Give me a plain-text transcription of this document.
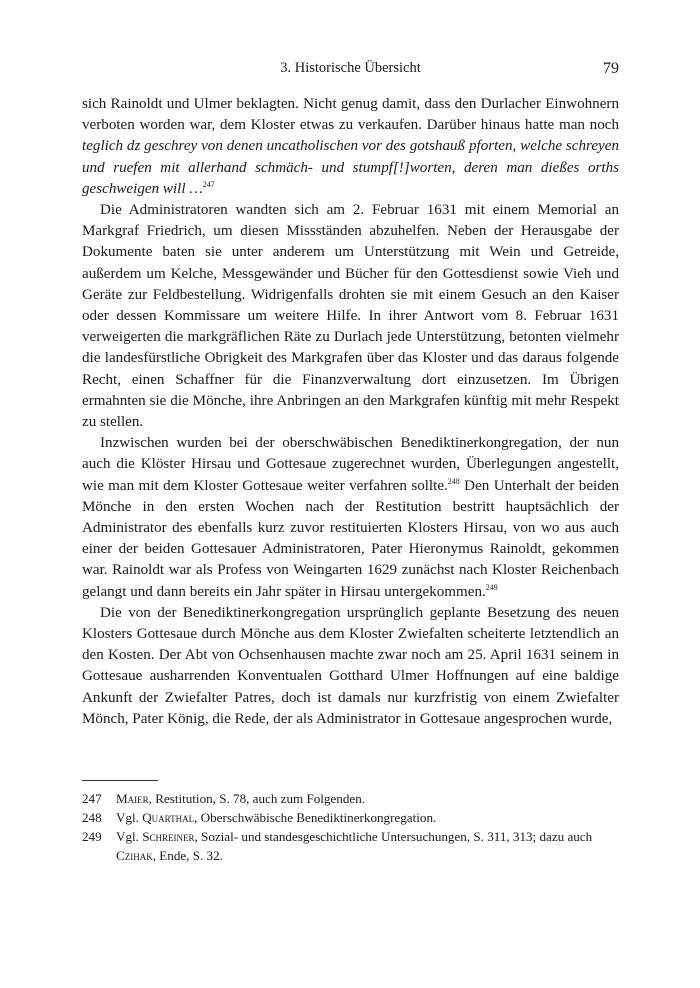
3. Historische Übersicht	79

sich Rainoldt und Ulmer beklagten. Nicht genug damit, dass den Durlacher Einwohnern verboten worden war, dem Kloster etwas zu verkaufen. Darüber hinaus hatte man noch teglich dz geschrey von denen uncatholischen vor des gotshauß pforten, welche schreyen und ruefen mit allerhand schmäch- und stumpf[!]worten, deren man dießes orths geschweigen will …$^{247}$

Die Administratoren wandten sich am 2. Februar 1631 mit einem Memorial an Markgraf Friedrich, um diesen Missständen abzuhelfen. Neben der Herausgabe der Dokumente baten sie unter anderem um Unterstützung mit Wein und Getreide, außerdem um Kelche, Messgewänder und Bücher für den Gottesdienst sowie Vieh und Geräte zur Feldbestellung. Widrigenfalls drohten sie mit einem Gesuch an den Kaiser oder dessen Kommissare um weitere Hilfe. In ihrer Antwort vom 8. Februar 1631 verweigerten die markgräflichen Räte zu Durlach jede Unterstützung, betonten vielmehr die landesfürstliche Obrigkeit des Markgrafen über das Kloster und das daraus folgende Recht, einen Schaffner für die Finanzverwaltung dort einzusetzen. Im Übrigen ermahnten sie die Mönche, ihre Anbringen an den Markgrafen künftig mit mehr Respekt zu stellen.

Inzwischen wurden bei der oberschwäbischen Benediktinerkongregation, der nun auch die Klöster Hirsau und Gottesaue zugerechnet wurden, Überlegungen angestellt, wie man mit dem Kloster Gottesaue weiter verfahren sollte.$^{248}$ Den Unterhalt der beiden Mönche in den ersten Wochen nach der Restitution bestritt hauptsächlich der Administrator des ebenfalls kurz zuvor restituierten Klosters Hirsau, von wo aus auch einer der beiden Gottesauer Administratoren, Pater Hieronymus Rainoldt, gekommen war. Rainoldt war als Profess von Weingarten 1629 zunächst nach Kloster Reichenbach gelangt und dann bereits ein Jahr später in Hirsau untergekommen.$^{249}$

Die von der Benediktinerkongregation ursprünglich geplante Besetzung des neuen Klosters Gottesaue durch Mönche aus dem Kloster Zwiefalten scheiterte letztendlich an den Kosten. Der Abt von Ochsenhausen machte zwar noch am 25. April 1631 seinem in Gottesaue ausharrenden Konventualen Gotthard Ulmer Hoffnungen auf eine baldige Ankunft der Zwiefalter Patres, doch ist damals nur kurzfristig von einem Zwiefalter Mönch, Pater König, die Rede, der als Administrator in Gottesaue angesprochen wurde,

247	Maier, Restitution, S. 78, auch zum Folgenden.
248	Vgl. Quarthal, Oberschwäbische Benediktinerkongregation.
249	Vgl. Schreiner, Sozial- und standesgeschichtliche Untersuchungen, S. 311, 313; dazu auch Czihak, Ende, S. 32.
